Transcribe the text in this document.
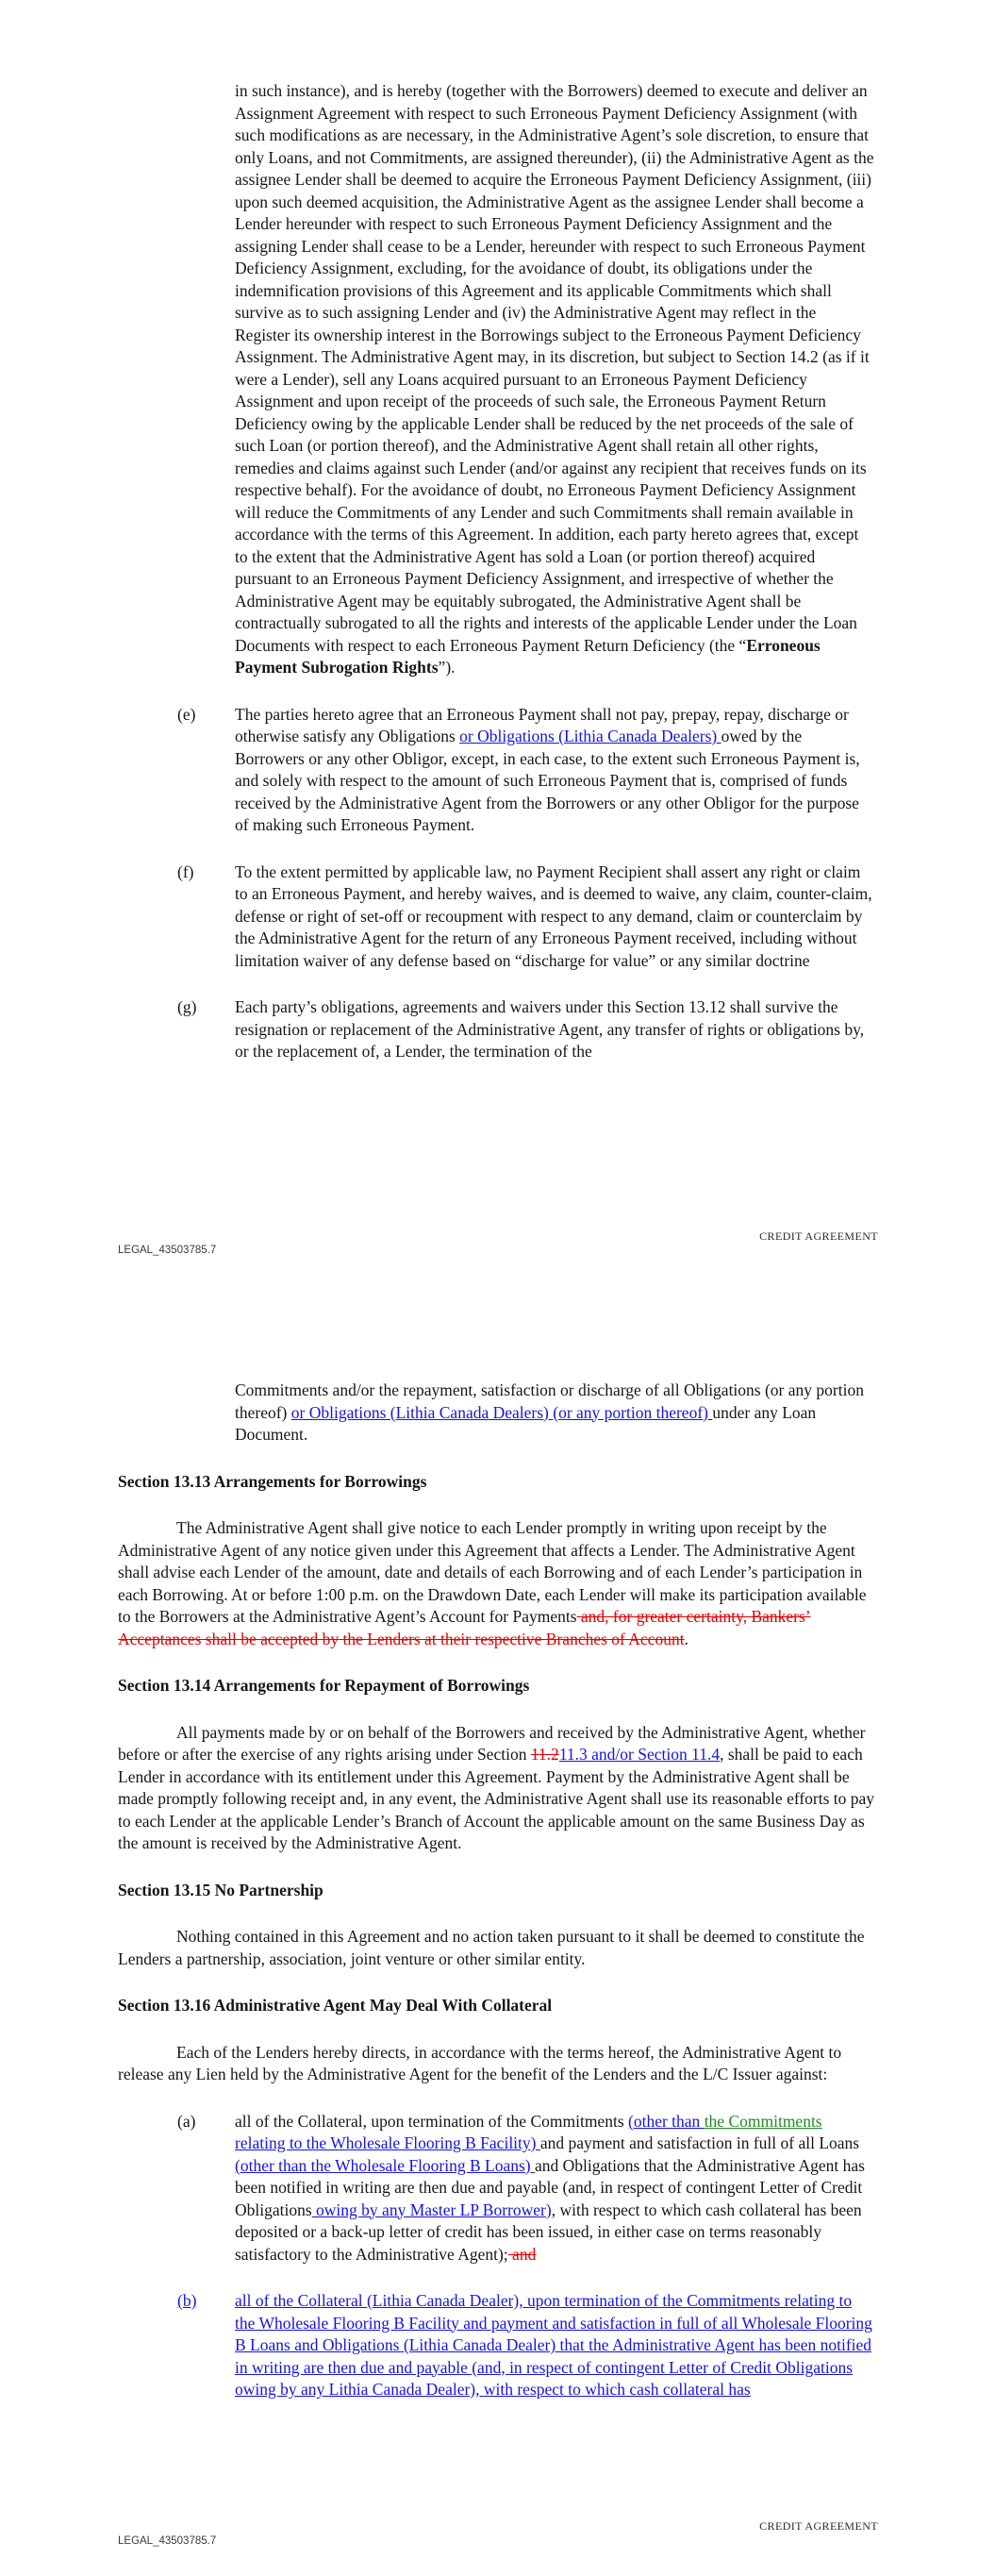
in such instance), and is hereby (together with the Borrowers) deemed to execute and deliver an Assignment Agreement with respect to such Erroneous Payment Deficiency Assignment (with such modifications as are necessary, in the Administrative Agent’s sole discretion, to ensure that only Loans, and not Commitments, are assigned thereunder), (ii) the Administrative Agent as the assignee Lender shall be deemed to acquire the Erroneous Payment Deficiency Assignment, (iii) upon such deemed acquisition, the Administrative Agent as the assignee Lender shall become a Lender hereunder with respect to such Erroneous Payment Deficiency Assignment and the assigning Lender shall cease to be a Lender, hereunder with respect to such Erroneous Payment Deficiency Assignment, excluding, for the avoidance of doubt, its obligations under the indemnification provisions of this Agreement and its applicable Commitments which shall survive as to such assigning Lender and (iv) the Administrative Agent may reflect in the Register its ownership interest in the Borrowings subject to the Erroneous Payment Deficiency Assignment. The Administrative Agent may, in its discretion, but subject to Section 14.2 (as if it were a Lender), sell any Loans acquired pursuant to an Erroneous Payment Deficiency Assignment and upon receipt of the proceeds of such sale, the Erroneous Payment Return Deficiency owing by the applicable Lender shall be reduced by the net proceeds of the sale of such Loan (or portion thereof), and the Administrative Agent shall retain all other rights, remedies and claims against such Lender (and/or against any recipient that receives funds on its respective behalf). For the avoidance of doubt, no Erroneous Payment Deficiency Assignment will reduce the Commitments of any Lender and such Commitments shall remain available in accordance with the terms of this Agreement. In addition, each party hereto agrees that, except to the extent that the Administrative Agent has sold a Loan (or portion thereof) acquired pursuant to an Erroneous Payment Deficiency Assignment, and irrespective of whether the Administrative Agent may be equitably subrogated, the Administrative Agent shall be contractually subrogated to all the rights and interests of the applicable Lender under the Loan Documents with respect to each Erroneous Payment Return Deficiency (the “Erroneous Payment Subrogation Rights”).
(e) The parties hereto agree that an Erroneous Payment shall not pay, prepay, repay, discharge or otherwise satisfy any Obligations or Obligations (Lithia Canada Dealers) owed by the Borrowers or any other Obligor, except, in each case, to the extent such Erroneous Payment is, and solely with respect to the amount of such Erroneous Payment that is, comprised of funds received by the Administrative Agent from the Borrowers or any other Obligor for the purpose of making such Erroneous Payment.
(f) To the extent permitted by applicable law, no Payment Recipient shall assert any right or claim to an Erroneous Payment, and hereby waives, and is deemed to waive, any claim, counter-claim, defense or right of set-off or recoupment with respect to any demand, claim or counterclaim by the Administrative Agent for the return of any Erroneous Payment received, including without limitation waiver of any defense based on “discharge for value” or any similar doctrine
(g) Each party’s obligations, agreements and waivers under this Section 13.12 shall survive the resignation or replacement of the Administrative Agent, any transfer of rights or obligations by, or the replacement of, a Lender, the termination of the
CREDIT AGREEMENT
LEGAL_43503785.7
Commitments and/or the repayment, satisfaction or discharge of all Obligations (or any portion thereof) or Obligations (Lithia Canada Dealers) (or any portion thereof) under any Loan Document.
Section 13.13 Arrangements for Borrowings
The Administrative Agent shall give notice to each Lender promptly in writing upon receipt by the Administrative Agent of any notice given under this Agreement that affects a Lender. The Administrative Agent shall advise each Lender of the amount, date and details of each Borrowing and of each Lender’s participation in each Borrowing. At or before 1:00 p.m. on the Drawdown Date, each Lender will make its participation available to the Borrowers at the Administrative Agent’s Account for Payments and, for greater certainty, Bankers’ Acceptances shall be accepted by the Lenders at their respective Branches of Account.
Section 13.14 Arrangements for Repayment of Borrowings
All payments made by or on behalf of the Borrowers and received by the Administrative Agent, whether before or after the exercise of any rights arising under Section 11.211.3 and/or Section 11.4, shall be paid to each Lender in accordance with its entitlement under this Agreement. Payment by the Administrative Agent shall be made promptly following receipt and, in any event, the Administrative Agent shall use its reasonable efforts to pay to each Lender at the applicable Lender’s Branch of Account the applicable amount on the same Business Day as the amount is received by the Administrative Agent.
Section 13.15 No Partnership
Nothing contained in this Agreement and no action taken pursuant to it shall be deemed to constitute the Lenders a partnership, association, joint venture or other similar entity.
Section 13.16 Administrative Agent May Deal With Collateral
Each of the Lenders hereby directs, in accordance with the terms hereof, the Administrative Agent to release any Lien held by the Administrative Agent for the benefit of the Lenders and the L/C Issuer against:
(a) all of the Collateral, upon termination of the Commitments (other than the Commitments relating to the Wholesale Flooring B Facility) and payment and satisfaction in full of all Loans (other than the Wholesale Flooring B Loans) and Obligations that the Administrative Agent has been notified in writing are then due and payable (and, in respect of contingent Letter of Credit Obligations owing by any Master LP Borrower), with respect to which cash collateral has been deposited or a back-up letter of credit has been issued, in either case on terms reasonably satisfactory to the Administrative Agent); and
(b) all of the Collateral (Lithia Canada Dealer), upon termination of the Commitments relating to the Wholesale Flooring B Facility and payment and satisfaction in full of all Wholesale Flooring B Loans and Obligations (Lithia Canada Dealer) that the Administrative Agent has been notified in writing are then due and payable (and, in respect of contingent Letter of Credit Obligations owing by any Lithia Canada Dealer), with respect to which cash collateral has
CREDIT AGREEMENT
LEGAL_43503785.7
